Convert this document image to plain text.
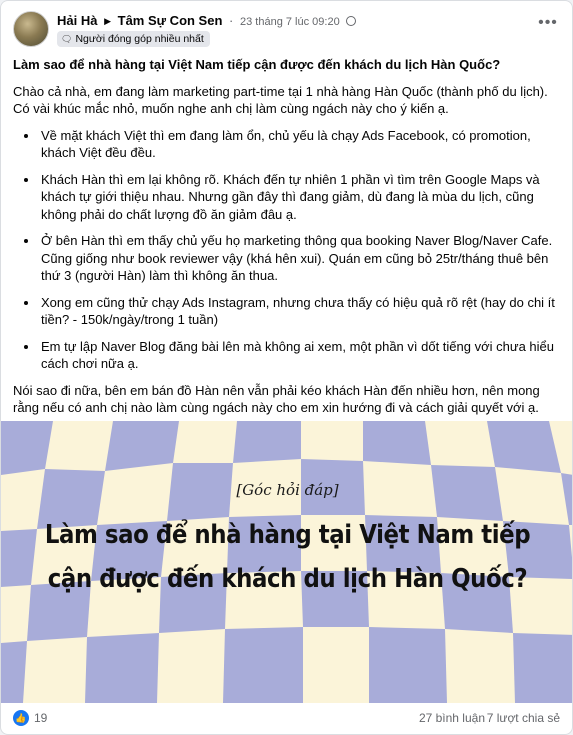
Hải Hà ▶ Tâm Sự Con Sen · 23 tháng 7 lúc 09:20
🗨 Người đóng góp nhiều nhất
•••
Làm sao để nhà hàng tại Việt Nam tiếp cận được đến khách du lịch Hàn Quốc?

Chào cả nhà, em đang làm marketing part-time tại 1 nhà hàng Hàn Quốc (thành phố du lịch). Có vài khúc mắc nhỏ, muốn nghe anh chị làm cùng ngách này cho ý kiến ạ.

• Về mặt khách Việt thì em đang làm ổn, chủ yếu là chạy Ads Facebook, có promotion, khách Việt đều đều.
• Khách Hàn thì em lại không rõ. Khách đến tự nhiên 1 phần vì tìm trên Google Maps và khách tự giới thiệu nhau. Nhưng gần đây thì đang giảm, dù đang là mùa du lịch, cũng không phải do chất lượng đồ ăn giảm đâu ạ.
• Ở bên Hàn thì em thấy chủ yếu họ marketing thông qua booking Naver Blog/Naver Cafe. Cũng giống như book reviewer vậy (khá hên xui). Quán em cũng bỏ 25tr/tháng thuê bên thứ 3 (người Hàn) làm thì không ăn thua.
• Xong em cũng thử chạy Ads Instagram, nhưng chưa thấy có hiệu quả rõ rệt (hay do chi ít tiền? - 150k/ngày/trong 1 tuần)
• Em tự lập Naver Blog đăng bài lên mà không ai xem, một phần vì dốt tiếng với chưa hiểu cách chơi nữa ạ.

Nói sao đi nữa, bên em bán đồ Hàn nên vẫn phải kéo khách Hàn đến nhiều hơn, nên mong rằng nếu có anh chị nào làm cùng ngách này cho em xin hướng đi và cách giải quyết với ạ.

[Góc hỏi đáp]
Làm sao để nhà hàng tại Việt Nam tiếp
cận được đến khách du lịch Hàn Quốc?
👍 19	27 bình luận 7 lượt chia sẻ
